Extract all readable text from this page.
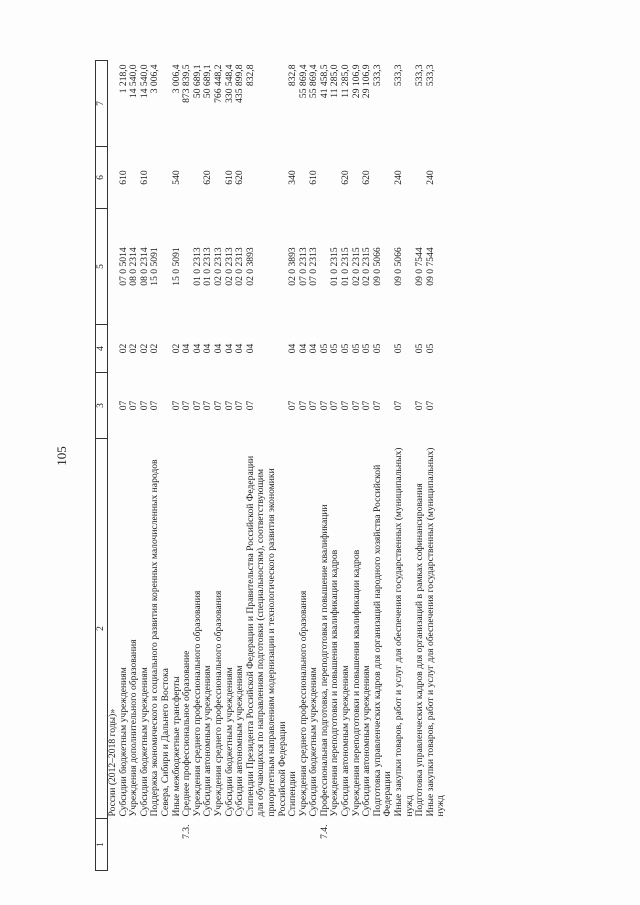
105
1	2	3	4	5	6	7
	России (2012–2018 годы)»					
	Субсидии бюджетным учреждениям	07	02	07 0 5014	610	1 218,0
	Учреждения дополнительного образования	07	02	08 0 2314		14 540,0
	Субсидии бюджетным учреждениям	07	02	08 0 2314	610	14 540,0
	Поддержка экономического и социального развития коренных малочисленных народов Севера, Сибири и Дальнего Востока	07	02	15 0 5091		3 006,4
	Иные межбюджетные трансферты	07	02	15 0 5091	540	3 006,4
7.3.	Среднее профессиональное образование	07	04			873 839,5
	Учреждения среднего профессионального образования	07	04	01 0 2313		50 689,1
	Субсидии автономным учреждениям	07	04	01 0 2313	620	50 689,1
	Учреждения среднего профессионального образования	07	04	02 0 2313		766 448,2
	Субсидии бюджетным учреждениям	07	04	02 0 2313	610	330 548,4
	Субсидии автономным учреждениям	07	04	02 0 2313	620	435 899,8
	Стипендии Президента Российской Федерации и Правительства Российской Федерации для обучающихся по направлениям подготовки (специальностям), соответствующим приоритетным направлениям модернизации и технологического развития экономики Российской Федерации	07	04	02 0 3893		832,8
	Стипендии	07	04	02 0 3893	340	832,8
	Учреждения среднего профессионального образования	07	04	07 0 2313		55 869,4
	Субсидии бюджетным учреждениям	07	04	07 0 2313	610	55 869,4
7.4.	Профессиональная подготовка, переподготовка и повышение квалификации	07	05			41 458,5
	Учреждения переподготовки и повышения квалификации кадров	07	05	01 0 2315		11 285,0
	Субсидии автономным учреждениям	07	05	01 0 2315	620	11 285,0
	Учреждения переподготовки и повышения квалификации кадров	07	05	02 0 2315		29 106,9
	Субсидии автономным учреждениям	07	05	02 0 2315	620	29 106,9
	Подготовка управленческих кадров для организаций народного хозяйства Российской Федерации	07	05	09 0 5066		533,3
	Иные закупки товаров, работ и услуг для обеспечения государственных (муниципальных) нужд	07	05	09 0 5066	240	533,3
	Подготовка управленческих кадров для организаций в рамках софинансирования	07	05	09 0 7544		533,3
	Иные закупки товаров, работ и услуг для обеспечения государственных (муниципальных) нужд	07	05	09 0 7544	240	533,3
